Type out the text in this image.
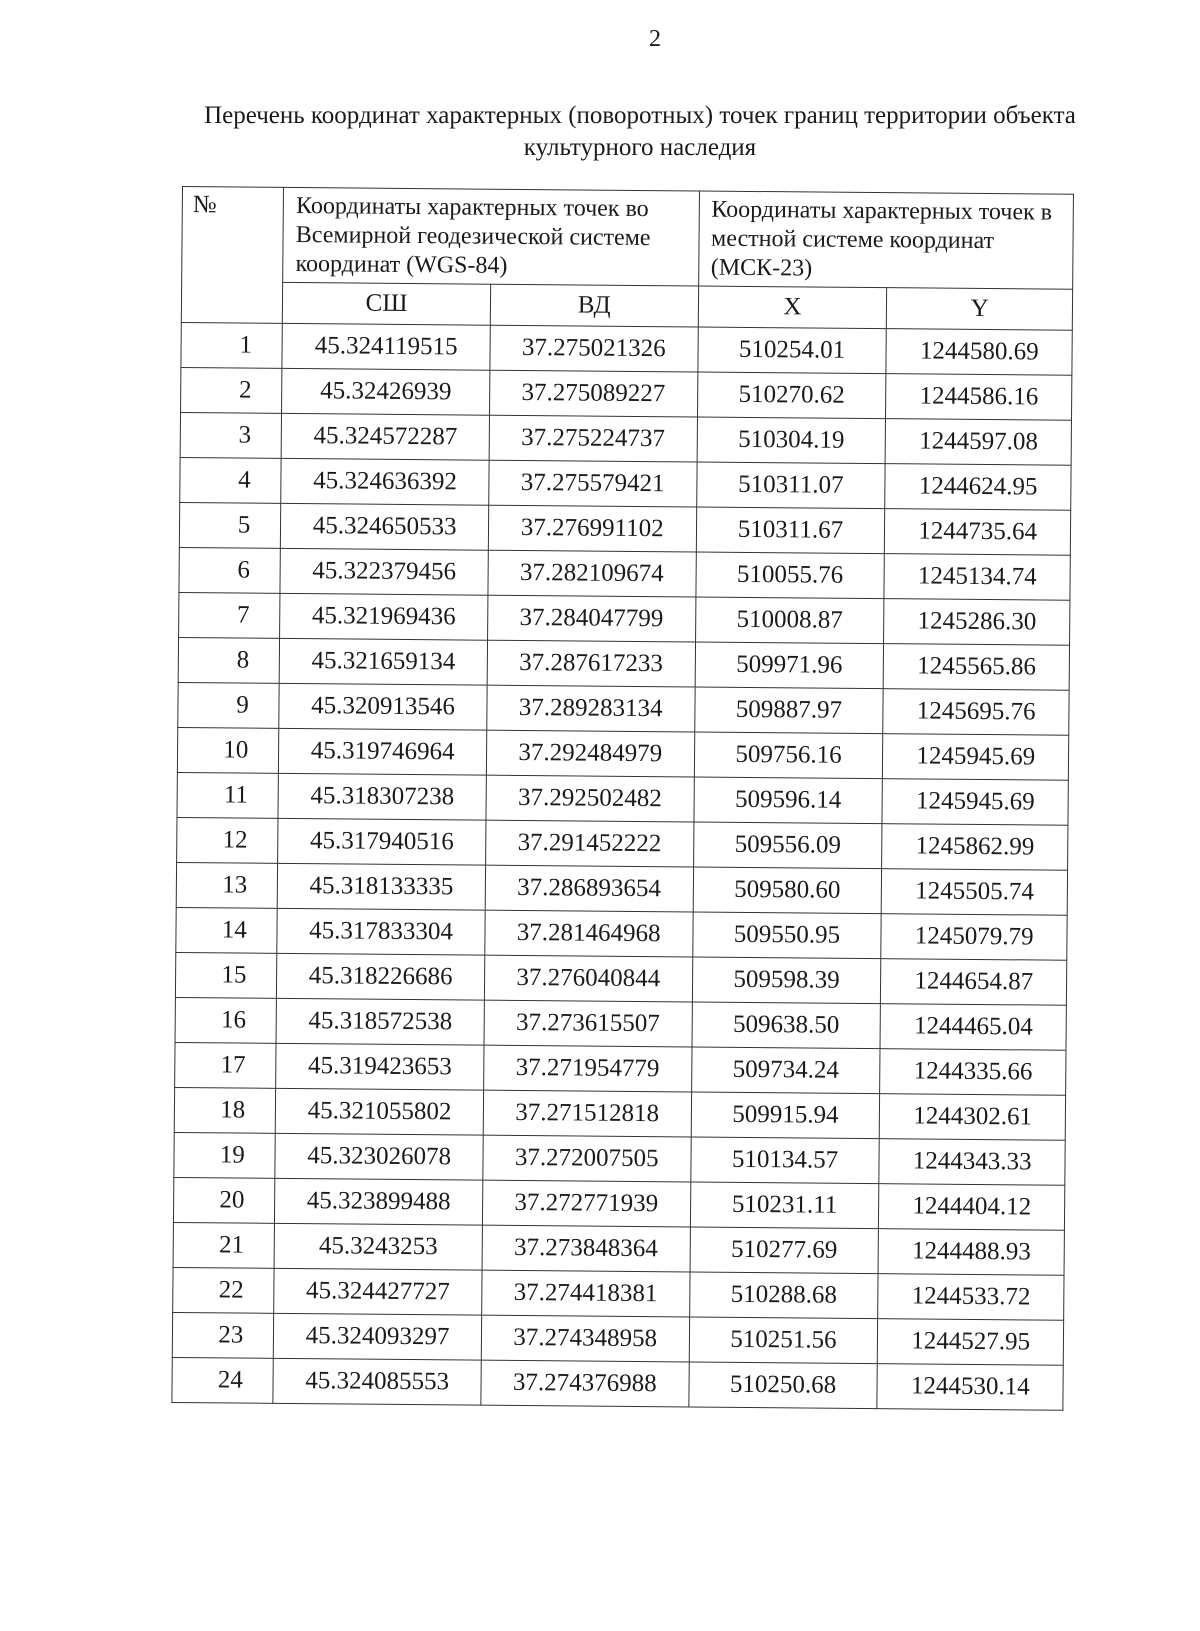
2
Перечень координат характерных (поворотных) точек границ территории объекта культурного наследия
№	Координаты характерных точек во Всемирной геодезической системе координат (WGS-84)		Координаты характерных точек в местной системе координат (МСК-23)	
	СШ	ВД	X	Y
1	45.324119515	37.275021326	510254.01	1244580.69
2	45.32426939	37.275089227	510270.62	1244586.16
3	45.324572287	37.275224737	510304.19	1244597.08
4	45.324636392	37.275579421	510311.07	1244624.95
5	45.324650533	37.276991102	510311.67	1244735.64
6	45.322379456	37.282109674	510055.76	1245134.74
7	45.321969436	37.284047799	510008.87	1245286.30
8	45.321659134	37.287617233	509971.96	1245565.86
9	45.320913546	37.289283134	509887.97	1245695.76
10	45.319746964	37.292484979	509756.16	1245945.69
11	45.318307238	37.292502482	509596.14	1245945.69
12	45.317940516	37.291452222	509556.09	1245862.99
13	45.318133335	37.286893654	509580.60	1245505.74
14	45.317833304	37.281464968	509550.95	1245079.79
15	45.318226686	37.276040844	509598.39	1244654.87
16	45.318572538	37.273615507	509638.50	1244465.04
17	45.319423653	37.271954779	509734.24	1244335.66
18	45.321055802	37.271512818	509915.94	1244302.61
19	45.323026078	37.272007505	510134.57	1244343.33
20	45.323899488	37.272771939	510231.11	1244404.12
21	45.3243253	37.273848364	510277.69	1244488.93
22	45.324427727	37.274418381	510288.68	1244533.72
23	45.324093297	37.274348958	510251.56	1244527.95
24	45.324085553	37.274376988	510250.68	1244530.14
